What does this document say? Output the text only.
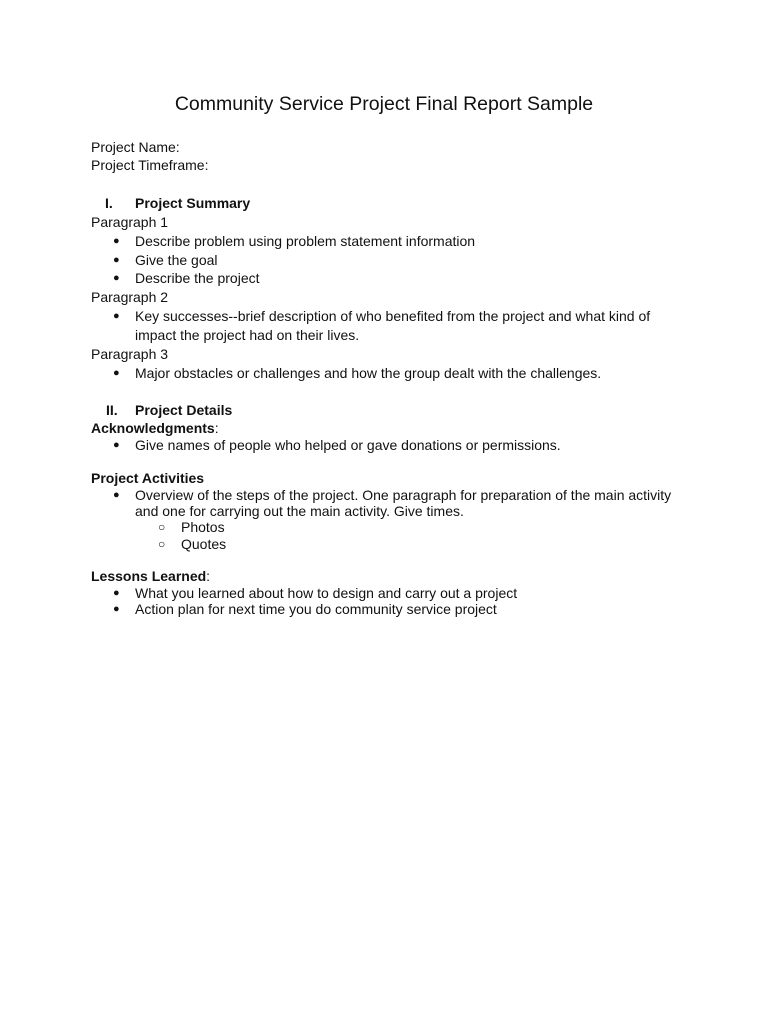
Community Service Project Final Report Sample

Project Name:

Project Timeframe:

I. Project Summary

Paragraph 1

● Describe problem using problem statement information

● Give the goal

● Describe the project

Paragraph 2

● Key successes--brief description of who benefited from the project and what kind of

impact the project had on their lives.

Paragraph 3

● Major obstacles or challenges and how the group dealt with the challenges.

II. Project Details

Acknowledgments:

● Give names of people who helped or gave donations or permissions.

Project Activities

● Overview of the steps of the project. One paragraph for preparation of the main activity

and one for carrying out the main activity. Give times.

○ Photos

○ Quotes

Lessons Learned:

● What you learned about how to design and carry out a project

● Action plan for next time you do community service project
